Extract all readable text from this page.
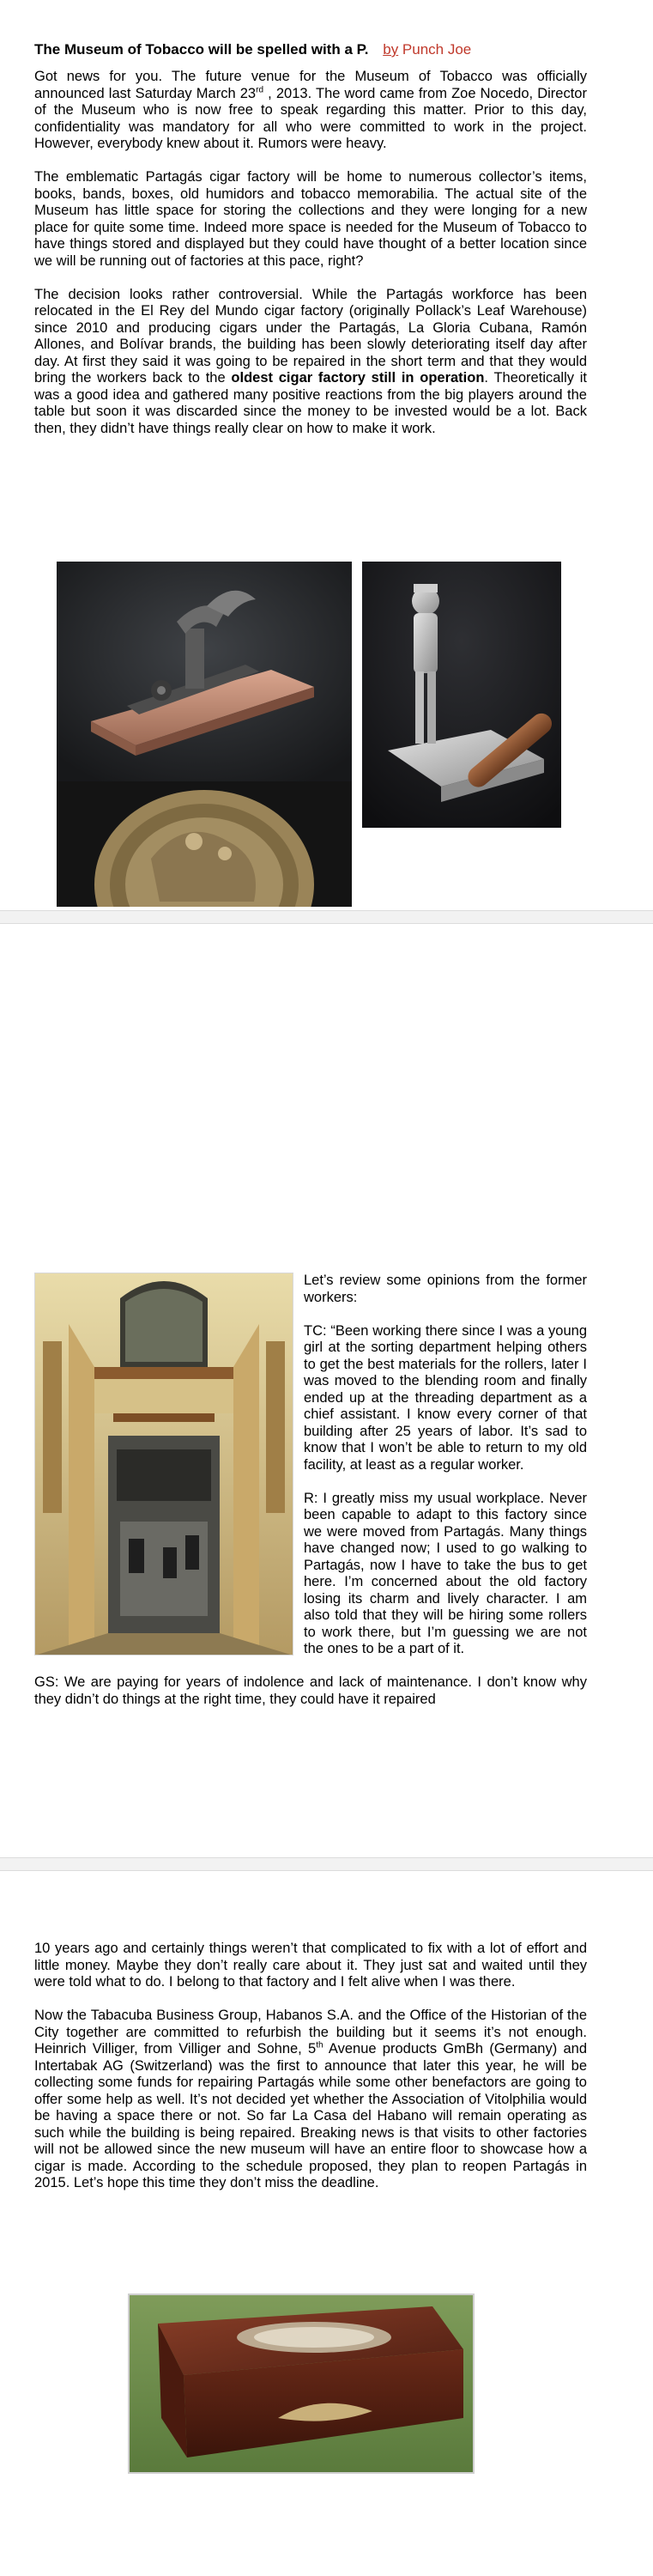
The Museum of Tobacco will be spelled with a P. by Punch Joe

Got news for you. The future venue for the Museum of Tobacco was officially announced last Saturday March 23rd , 2013. The word came from Zoe Nocedo, Director of the Museum who is now free to speak regarding this matter. Prior to this day, confidentiality was mandatory for all who were committed to work in the project. However, everybody knew about it. Rumors were heavy.

The emblematic Partagás cigar factory will be home to numerous collector’s items, books, bands, boxes, old humidors and tobacco memorabilia. The actual site of the Museum has little space for storing the collections and they were longing for a new place for quite some time. Indeed more space is needed for the Museum of Tobacco to have things stored and displayed but they could have thought of a better location since we will be running out of factories at this pace, right?

The decision looks rather controversial. While the Partagás workforce has been relocated in the El Rey del Mundo cigar factory (originally Pollack’s Leaf Warehouse) since 2010 and producing cigars under the Partagás, La Gloria Cubana, Ramón Allones, and Bolívar brands, the building has been slowly deteriorating itself day after day. At first they said it was going to be repaired in the short term and that they would bring the workers back to the oldest cigar factory still in operation. Theoretically it was a good idea and gathered many positive reactions from the big players around the table but soon it was discarded since the money to be invested would be a lot. Back then, they didn’t have things really clear on how to make it work.

Let’s review some opinions from the former workers:

TC: “Been working there since I was a young girl at the sorting department helping others to get the best materials for the rollers, later I was moved to the blending room and finally ended up at the threading department as a chief assistant. I know every corner of that building after 25 years of labor. It’s sad to know that I won’t be able to return to my old facility, at least as a regular worker.

R: I greatly miss my usual workplace. Never been capable to adapt to this factory since we were moved from Partagás. Many things have changed now; I used to go walking to Partagás, now I have to take the bus to get here. I’m concerned about the old factory losing its charm and lively character. I am also told that they will be hiring some rollers to work there, but I’m guessing we are not the ones to be a part of it.

GS: We are paying for years of indolence and lack of maintenance. I don’t know why they didn’t do things at the right time, they could have it repaired

10 years ago and certainly things weren’t that complicated to fix with a lot of effort and little money. Maybe they don’t really care about it. They just sat and waited until they were told what to do. I belong to that factory and I felt alive when I was there.

Now the Tabacuba Business Group, Habanos S.A. and the Office of the Historian of the City together are committed to refurbish the building but it seems it’s not enough. Heinrich Villiger, from Villiger and Sohne, 5th Avenue products GmBh (Germany) and Intertabak AG (Switzerland) was the first to announce that later this year, he will be collecting some funds for repairing Partagás while some other benefactors are going to offer some help as well. It’s not decided yet whether the Association of Vitolphilia would be having a space there or not. So far La Casa del Habano will remain operating as such while the building is being repaired. Breaking news is that visits to other factories will not be allowed since the new museum will have an entire floor to showcase how a cigar is made. According to the schedule proposed, they plan to reopen Partagás in 2015. Let’s hope this time they don’t miss the deadline.
